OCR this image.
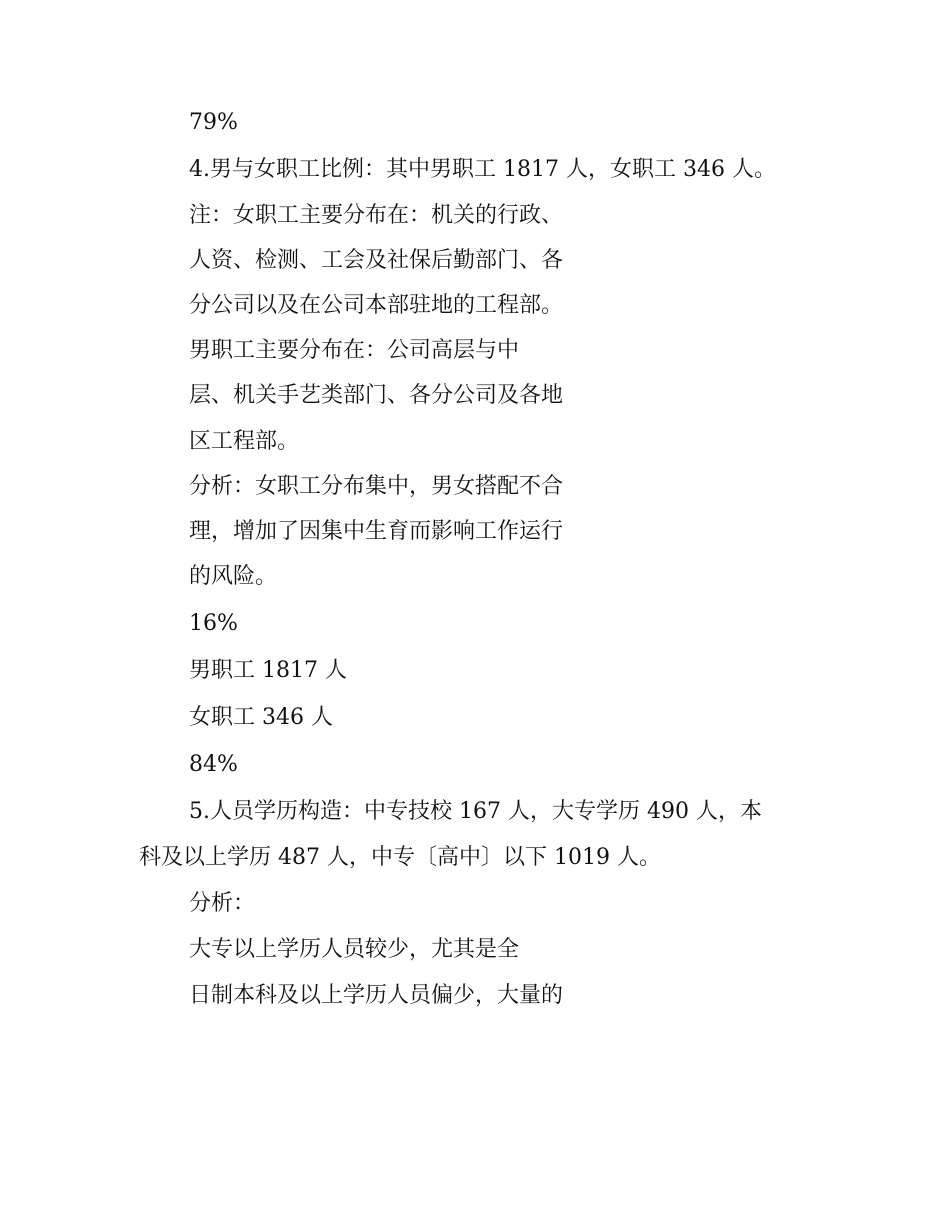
79%
4.男与女职工比例：其中男职工 1817 人，女职工 346 人。
注：女职工主要分布在：机关的行政、
人资、检测、工会及社保后勤部门、各
分公司以及在公司本部驻地的工程部。
男职工主要分布在：公司高层与中
层、机关手艺类部门、各分公司及各地
区工程部。
分析：女职工分布集中，男女搭配不合
理，增加了因集中生育而影响工作运行
的风险。
16%
男职工 1817 人
女职工 346 人
84%
5.人员学历构造：中专技校 167 人，大专学历 490 人，本
科及以上学历 487 人，中专〔高中〕以下 1019 人。
分析：
大专以上学历人员较少，尤其是全
日制本科及以上学历人员偏少，大量的
